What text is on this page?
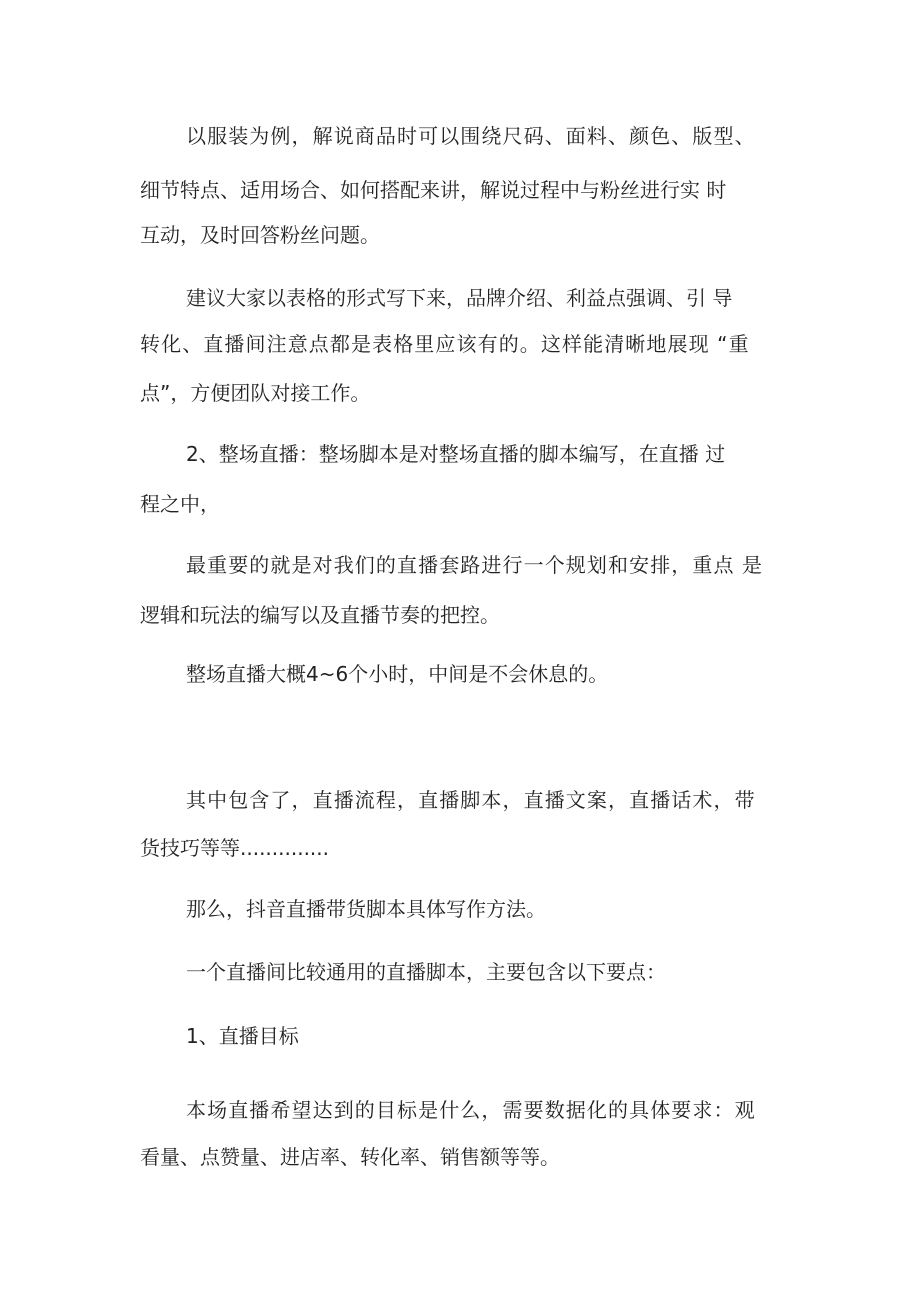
以服装为例，解说商品时可以围绕尺码、面料、颜色、版型、
细节特点、适用场合、如何搭配来讲，解说过程中与粉丝进行实 时
互动，及时回答粉丝问题。
建议大家以表格的形式写下来，品牌介绍、利益点强调、引 导
转化、直播间注意点都是表格里应该有的。这样能清晰地展现 “重
点”，方便团队对接工作。
2、整场直播：整场脚本是对整场直播的脚本编写，在直播 过
程之中，
最重要的就是对我们的直播套路进行一个规划和安排，重点 是
逻辑和玩法的编写以及直播节奏的把控。
整场直播大概4~6个小时，中间是不会休息的。
其中包含了，直播流程，直播脚本，直播文案，直播话术，带
货技巧等等..............
那么，抖音直播带货脚本具体写作方法。
一个直播间比较通用的直播脚本，主要包含以下要点：
1、直播目标
本场直播希望达到的目标是什么，需要数据化的具体要求：观
看量、点赞量、进店率、转化率、销售额等等。
